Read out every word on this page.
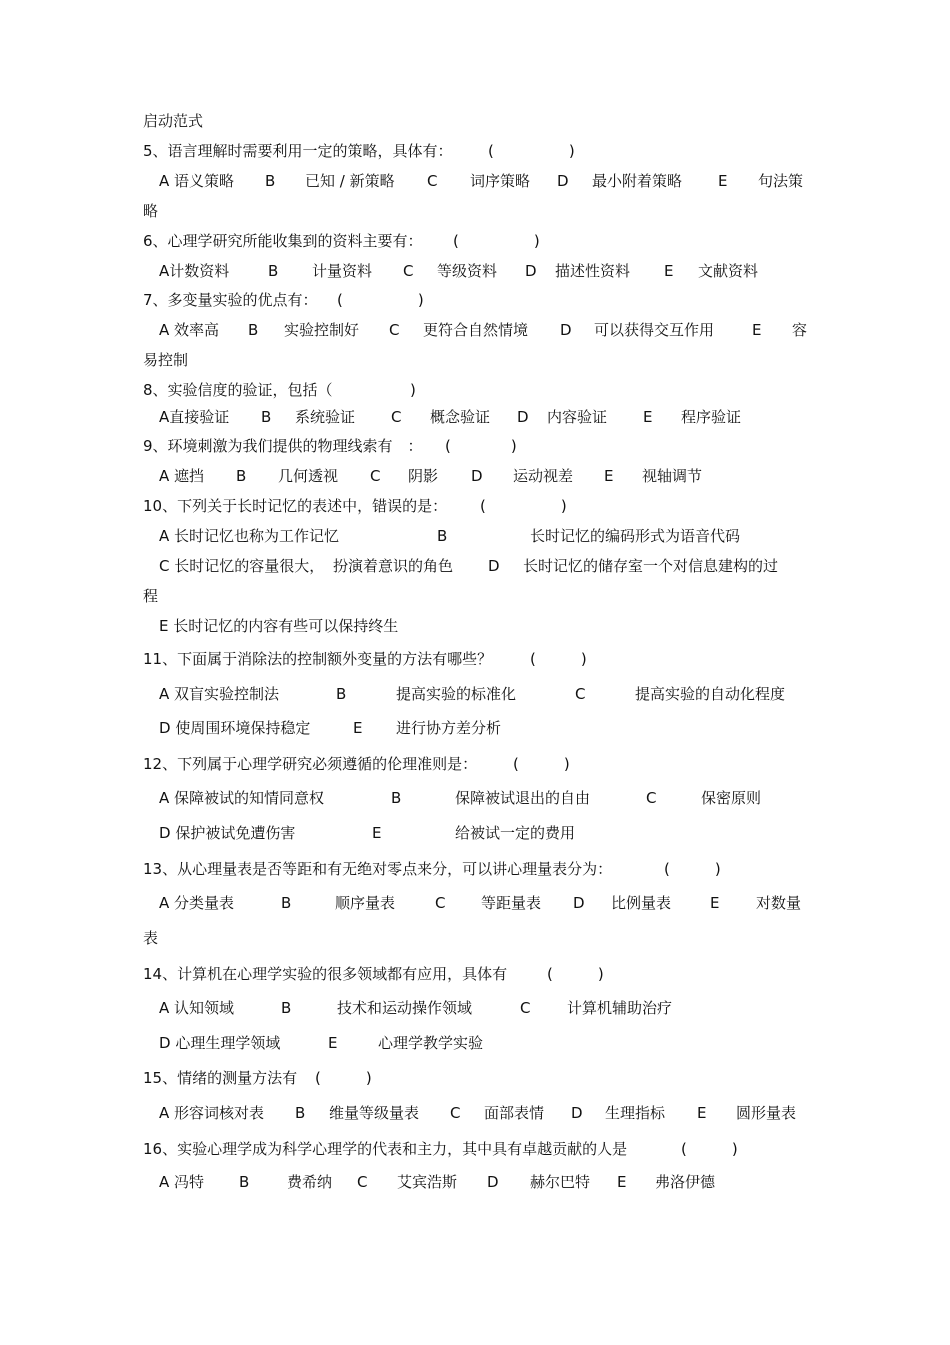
启动范式
5、语言理解时需要利用一定的策略，具体有： (　　　　　)
A 语义策略 B 已知 / 新策略 C 词序策略 D 最小附着策略 E 句法策
略
6、心理学研究所能收集到的资料主要有： (　　　　　)
A计数资料	B 计量资料 C 等级资料 D 描述性资料 E 文献资料
7、多变量实验的优点有： (　　　　　)
A 效率高 B 实验控制好 C 更符合自然情境 D 可以获得交互作用	E 容
易控制
8、实验信度的验证，包括（ 　　　　　)
A直接验证 B 系统验证 C 概念验证 D 内容验证 E 程序验证
9、环境刺激为我们提供的物理线索有　： (　　　　)
A 遮挡 B 几何透视 C 阴影 D 运动视差 E 视轴调节
10、下列关于长时记忆的表述中，错误的是： (　　　　　)
A 长时记忆也称为工作记忆	B	长时记忆的编码形式为语音代码
C 长时记忆的容量很大， 扮演着意识的角色 D 长时记忆的储存室一个对信息建构的过
程
E 长时记忆的内容有些可以保持终生
11、下面属于消除法的控制额外变量的方法有哪些？	(　　　)
A 双盲实验控制法	B	提高实验的标准化	C	提高实验的自动化程度
D 使周围环境保持稳定	E 进行协方差分析
12、下列属于心理学研究必须遵循的伦理准则是： (　　　)
A 保障被试的知情同意权	B	保障被试退出的自由	C	保密原则
D 保护被试免遭伤害	E	给被试一定的费用
13、从心理量表是否等距和有无绝对零点来分，可以讲心理量表分为：	(　　　)
A 分类量表	B	顺序量表	C 等距量表 D 比例量表	E 对数量
表
14、计算机在心理学实验的很多领域都有应用，具体有	(　　　)
A 认知领域	B	技术和运动操作领域	C 计算机辅助治疗
D 心理生理学领域	E	心理学教学实验
15、情绪的测量方法有 (　　　)
A 形容词核对表 B 维量等级量表 C 面部表情 D 生理指标 E 圆形量表
16、实验心理学成为科学心理学的代表和主力，其中具有卓越贡献的人是	(　　　)
A 冯特 B	费希纳 C 艾宾浩斯 D 赫尔巴特 E 弗洛伊德
